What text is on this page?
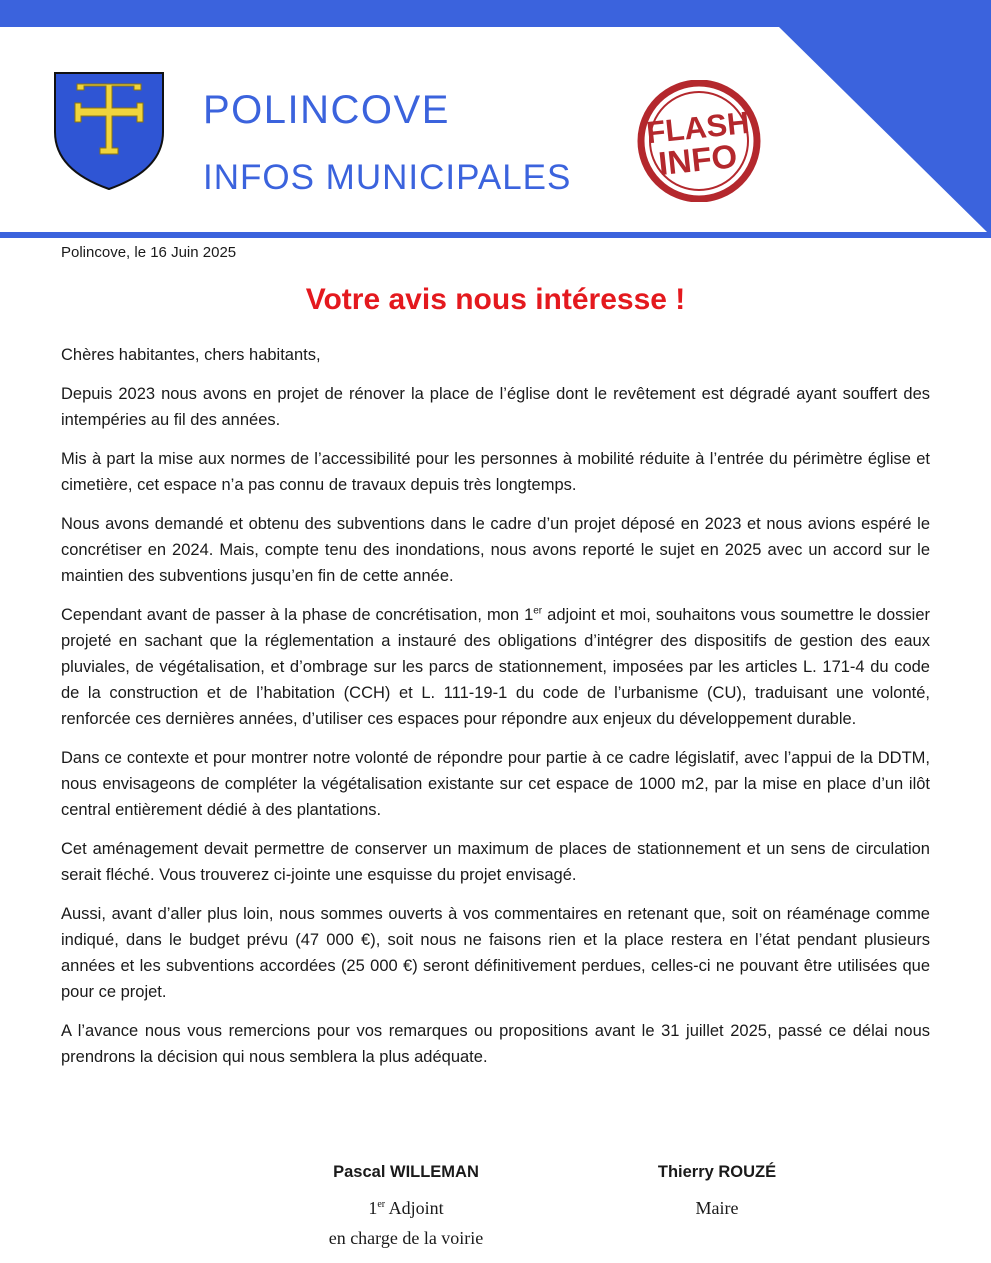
POLINCOVE
INFOS MUNICIPALES
FLASH
INFO
Polincove, le 16 Juin 2025
Votre avis nous intéresse !

Chères habitantes, chers habitants,

Depuis 2023 nous avons en projet de rénover la place de l’église dont le revêtement est dégradé ayant souffert des intempéries au fil des années.

Mis à part la mise aux normes de l’accessibilité pour les personnes à mobilité réduite à l’entrée du périmètre église et cimetière, cet espace n’a pas connu de travaux depuis très longtemps.

Nous avons demandé et obtenu des subventions dans le cadre d’un projet déposé en 2023 et nous avions espéré le concrétiser en 2024. Mais, compte tenu des inondations, nous avons reporté le sujet en 2025 avec un accord sur le maintien des subventions jusqu’en fin de cette année.

Cependant avant de passer à la phase de concrétisation, mon 1er adjoint et moi, souhaitons vous soumettre le dossier projeté en sachant que la réglementation a instauré des obligations d’intégrer des dispositifs de gestion des eaux pluviales, de végétalisation, et d’ombrage sur les parcs de stationnement, imposées par les articles L. 171-4 du code de la construction et de l’habitation (CCH) et L. 111-19-1 du code de l’urbanisme (CU), traduisant une volonté, renforcée ces dernières années, d’utiliser ces espaces pour répondre aux enjeux du développement durable.

Dans ce contexte et pour montrer notre volonté de répondre pour partie à ce cadre législatif, avec l’appui de la DDTM, nous envisageons de compléter la végétalisation existante sur cet espace de 1000 m2, par la mise en place d’un ilôt central entièrement dédié à des plantations.

Cet aménagement devait permettre de conserver un maximum de places de stationnement et un sens de circulation serait fléché. Vous trouverez ci-jointe une esquisse du projet envisagé.

Aussi, avant d’aller plus loin, nous sommes ouverts à vos commentaires en retenant que, soit on réaménage comme indiqué, dans le budget prévu (47 000 €), soit nous ne faisons rien et la place restera en l’état pendant plusieurs années et les subventions accordées (25 000 €) seront définitivement perdues, celles-ci ne pouvant être utilisées que pour ce projet.

A l’avance nous vous remercions pour vos remarques ou propositions avant le 31 juillet 2025, passé ce délai nous prendrons la décision qui nous semblera la plus adéquate.

Pascal WILLEMAN
1er Adjoint
en charge de la voirie
Thierry ROUZÉ
Maire
